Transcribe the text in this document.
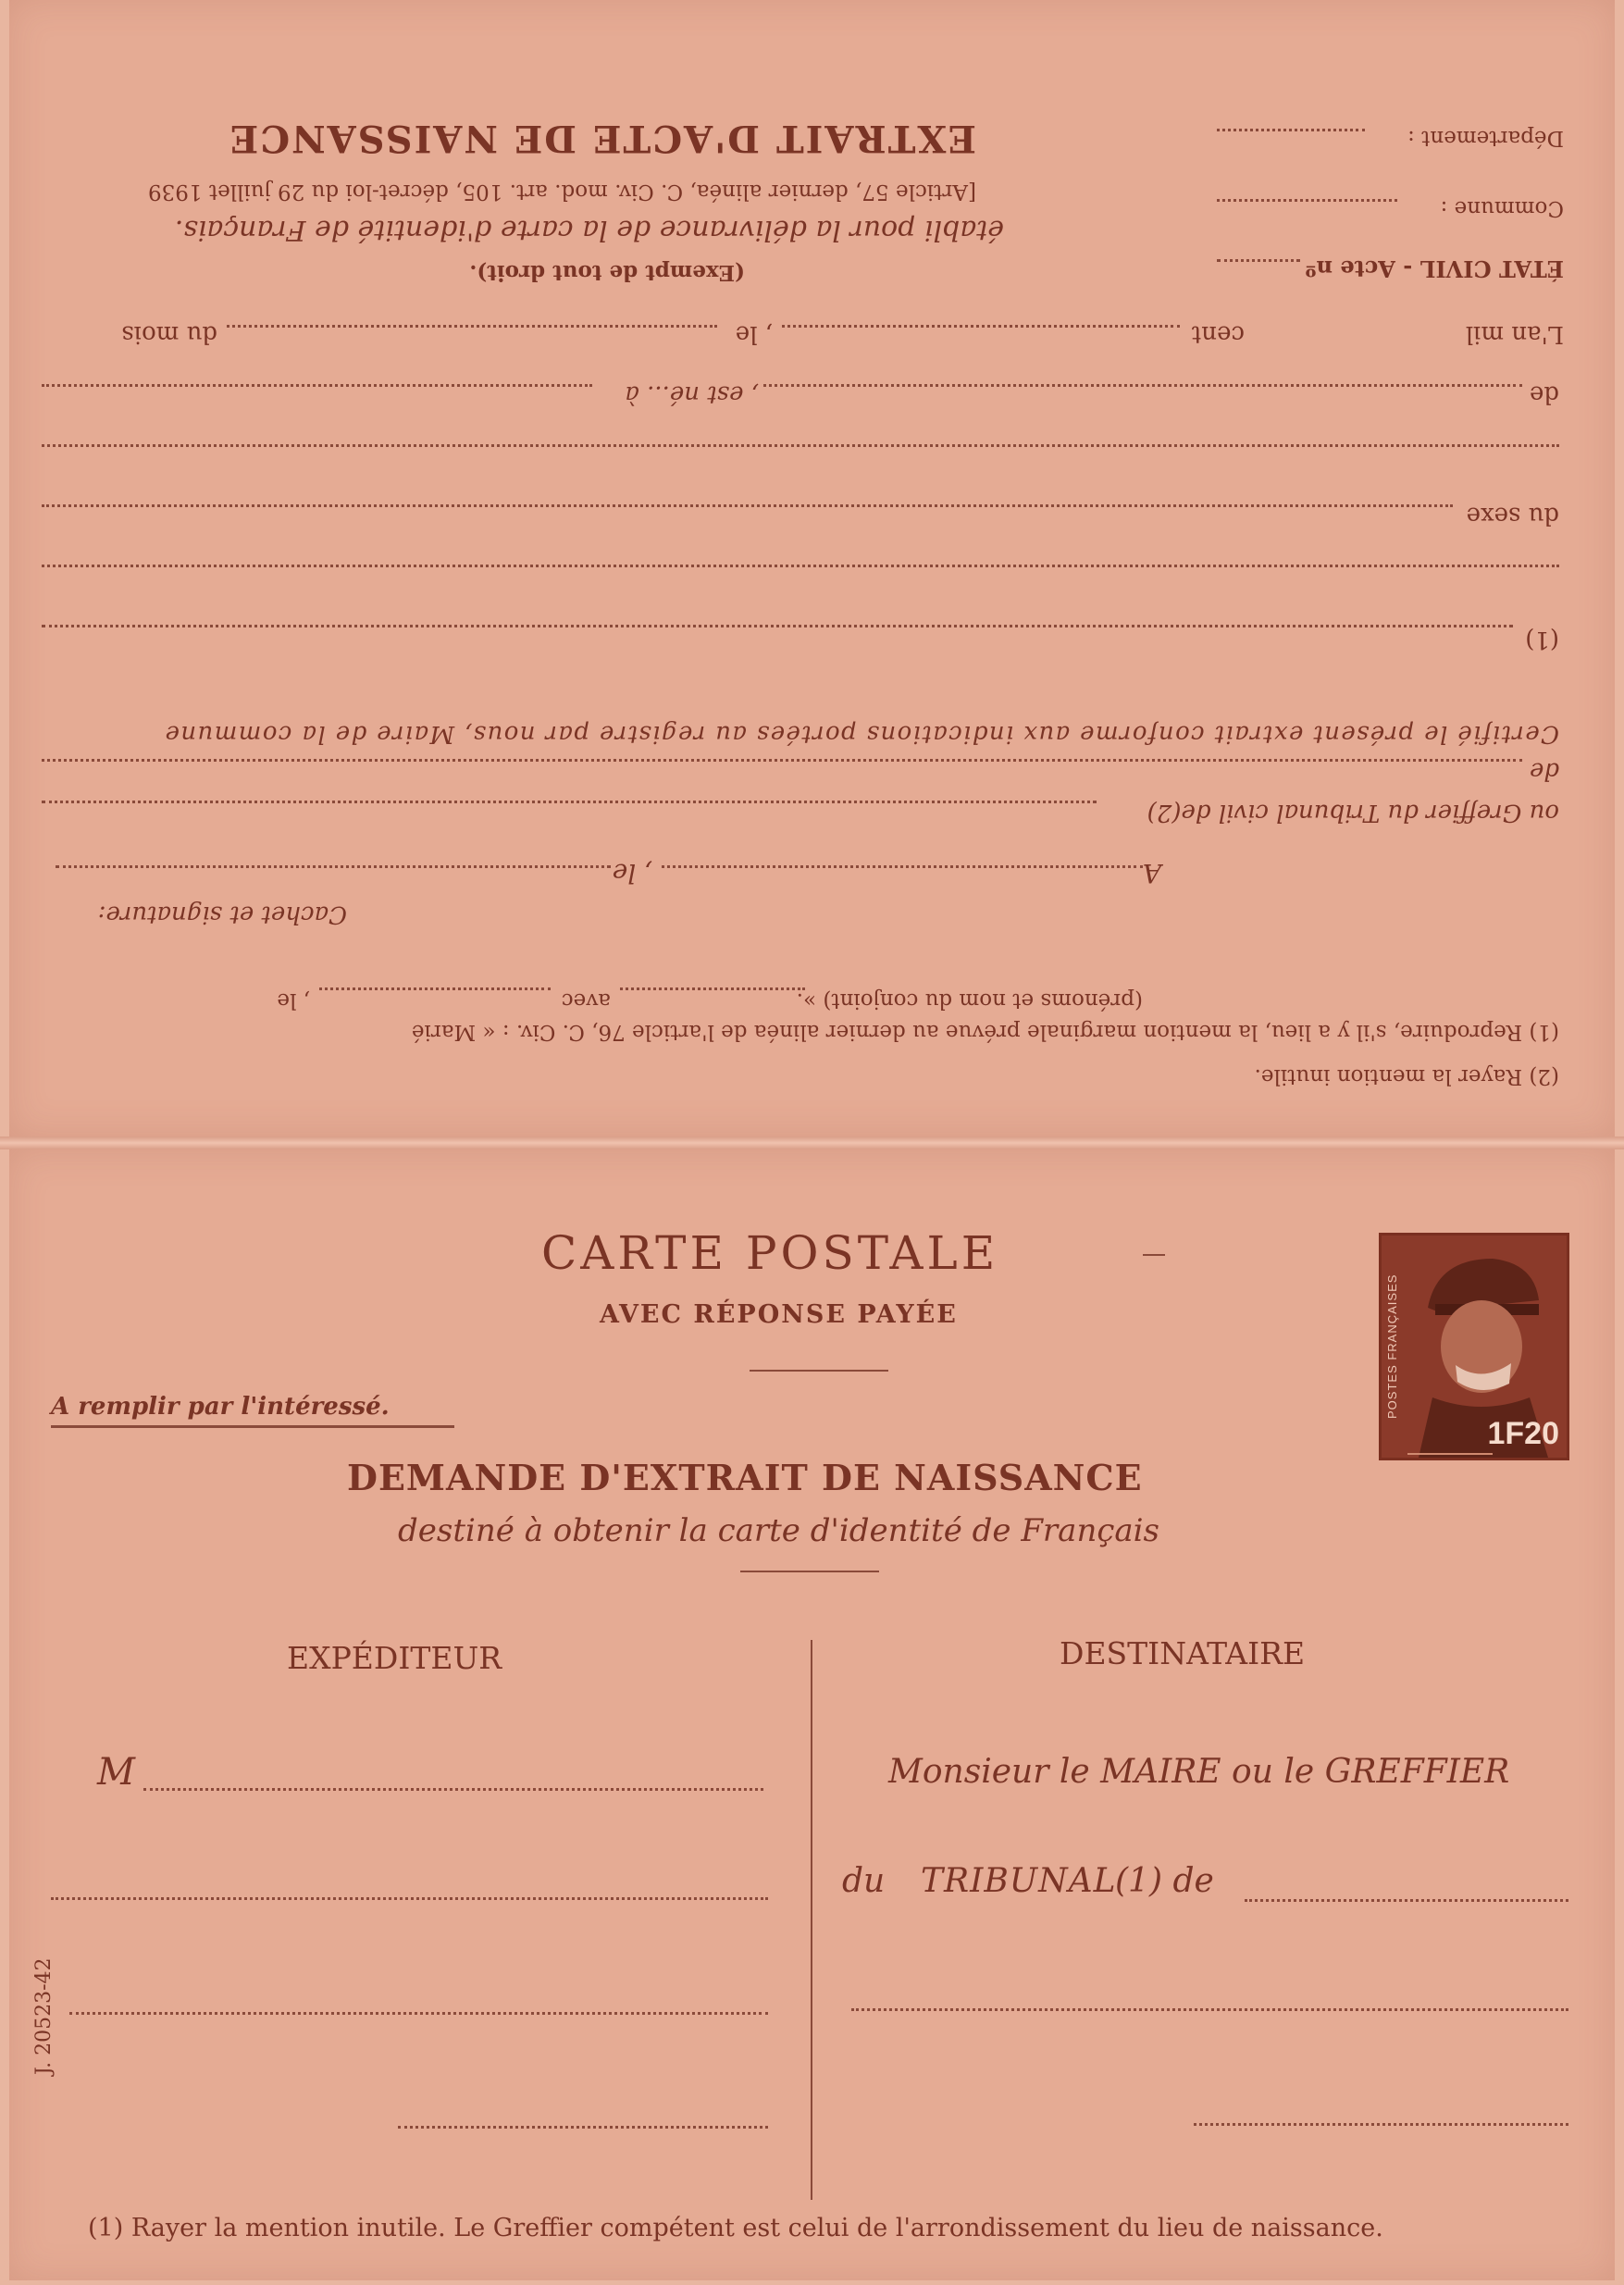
(2) Rayer la mention inutile.
(1) Reproduire, s'il y a lieu, la mention marginale prévue au dernier alinéa de l'article 76, C. Civ. : « Marié
(prénoms et nom du conjoint) ».
avec
, le
Cachet et signature:
A
, le
ou Greffier du Tribunal civil de(2)
de
Certifié le présent extrait conforme aux indications portées au registre par nous, Maire de la commune
(1)
du sexe
de
, est né... à
L'an mil
cent
, le
du mois
ÉTAT CIVIL - Acte nº
(Exempt de tout droit).
Commune :
établi pour la délivrance de la carte d'identité de Français.
[Article 57, dernier alinéa, C. Civ. mod. art. 105, décret-loi du 29 juillet 1939
Département :
EXTRAIT D'ACTE DE NAISSANCE
CARTE POSTALE
AVEC RÉPONSE PAYÉE	POSTES FRANÇAISES
1F20
A remplir par l'intéressé.
DEMANDE D'EXTRAIT DE NAISSANCE
destiné à obtenir la carte d'identité de Français
EXPÉDITEUR	DESTINATAIRE
M
J. 20523-42
Monsieur le MAIRE ou le GREFFIER
du TRIBUNAL
(1) de
(1) Rayer la mention inutile. Le Greffier compétent est celui de l'arrondissement du lieu de naissance.
